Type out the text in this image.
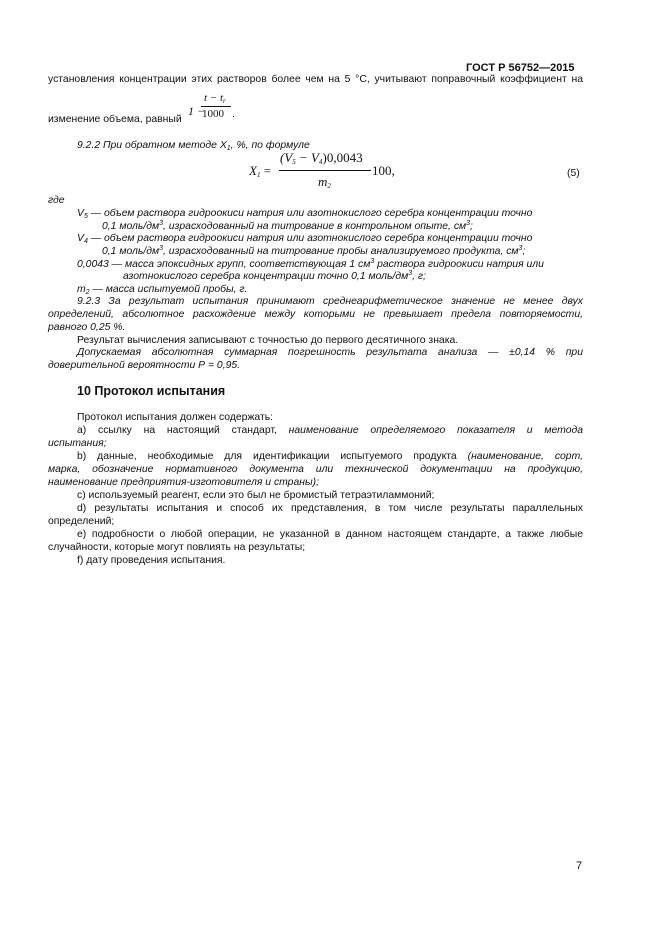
ГОСТ Р 56752—2015
установления концентрации этих растворов более чем на 5 °С, учитывают поправочный коэффициент на
изменение объема, равный
1 −
$t - t_r$
1000 .
9.2.2 При обратном методе $X_1$, %, по формуле
$X_1$ =
$(V_5 - V_4)0,0043$
$m_2$
100,	(5)
где
$V_5$ — объем раствора гидроокиси натрия или азотнокислого серебра концентрации точно
0,1 моль/$дм^3$, израсходованный на титрование в контрольном опыте, $см^3$;
$V_4$ — объем раствора гидроокиси натрия или азотнокислого серебра концентрации точно
0,1 моль/$дм^3$, израсходованный на титрование пробы анализируемого продукта, $см^3$;
0,0043 — масса эпоксидных групп, соответствующая 1 $см^3$ раствора гидроокиси натрия или
азотнокислого серебра концентрации точно 0,1 моль/$дм^3$, г;
$m_2$ — масса испытуемой пробы, г.
9.2.3 За результат испытания принимают среднеарифметическое значение не менее двух
определений, абсолютное расхождение между которыми не превышает предела повторяемости,
равного 0,25 %.
Результат вычисления записывают с точностью до первого десятичного знака.
Допускаемая абсолютная суммарная погрешность результата анализа — ±0,14 % при
доверительной вероятности Р = 0,95.
10 Протокол испытания
Протокол испытания должен содержать:
а) ссылку на настоящий стандарт, наименование определяемого показателя и метода
испытания;
b) данные, необходимые для идентификации испытуемого продукта (наименование, сорт,
марка, обозначение нормативного документа или технической документации на продукцию,
наименование предприятия-изготовителя и страны);
с) используемый реагент, если это был не бромистый тетраэтиламмоний;
d) результаты испытания и способ их представления, в том числе результаты параллельных
определений;
е) подробности о любой операции, не указанной в данном настоящем стандарте, а также любые
случайности, которые могут повлиять на результаты;
f) дату проведения испытания.
7
